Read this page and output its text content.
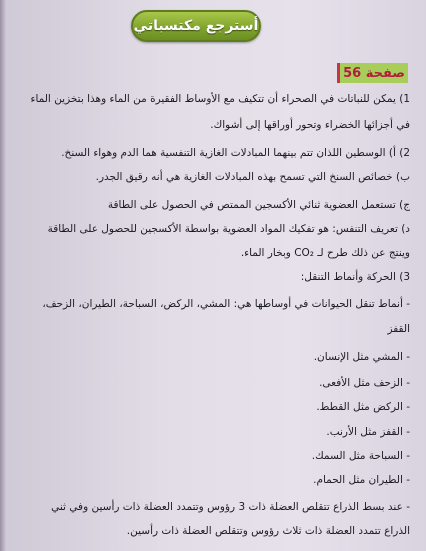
أسترجع مكتسباتي
صفحة 56
1) يمكن للنباتات في الصحراء أن تتكيف مع الأوساط الفقيرة من الماء وهذا بتخزين الماء
في أجزائها الخضراء وتحور أوراقها إلى أشواك.
2) أ) الوسطين اللذان تتم بينهما المبادلات الغازية التنفسية هما الدم وهواء السنخ.
ب) خصائص السنخ التي تسمح بهذه المبادلات الغازية هي أنه رقيق الجدر.
ج) تستعمل العضوية ثنائي الأكسجين الممتص في الحصول على الطاقة
د) تعريف التنفس: هو تفكيك المواد العضوية بواسطة الأكسجين للحصول على الطاقة
وينتج عن ذلك طرح لـ CO₂ وبخار الماء.
3) الحركة وأنماط التنقل:
- أنماط تنقل الحيوانات في أوساطها هي: المشي، الركض، السباحة، الطيران، الزحف،
القفز
- المشي مثل الإنسان.
- الزحف مثل الأفعى.
- الركض مثل القطط.
- القفز مثل الأرنب.
- السباحة مثل السمك.
- الطيران مثل الحمام.
- عند بسط الذراع تتقلص العضلة ذات 3 رؤوس وتتمدد العضلة ذات رأسين وفي ثني
الذراع تتمدد العضلة ذات ثلاث رؤوس وتتقلص العضلة ذات رأسين.
